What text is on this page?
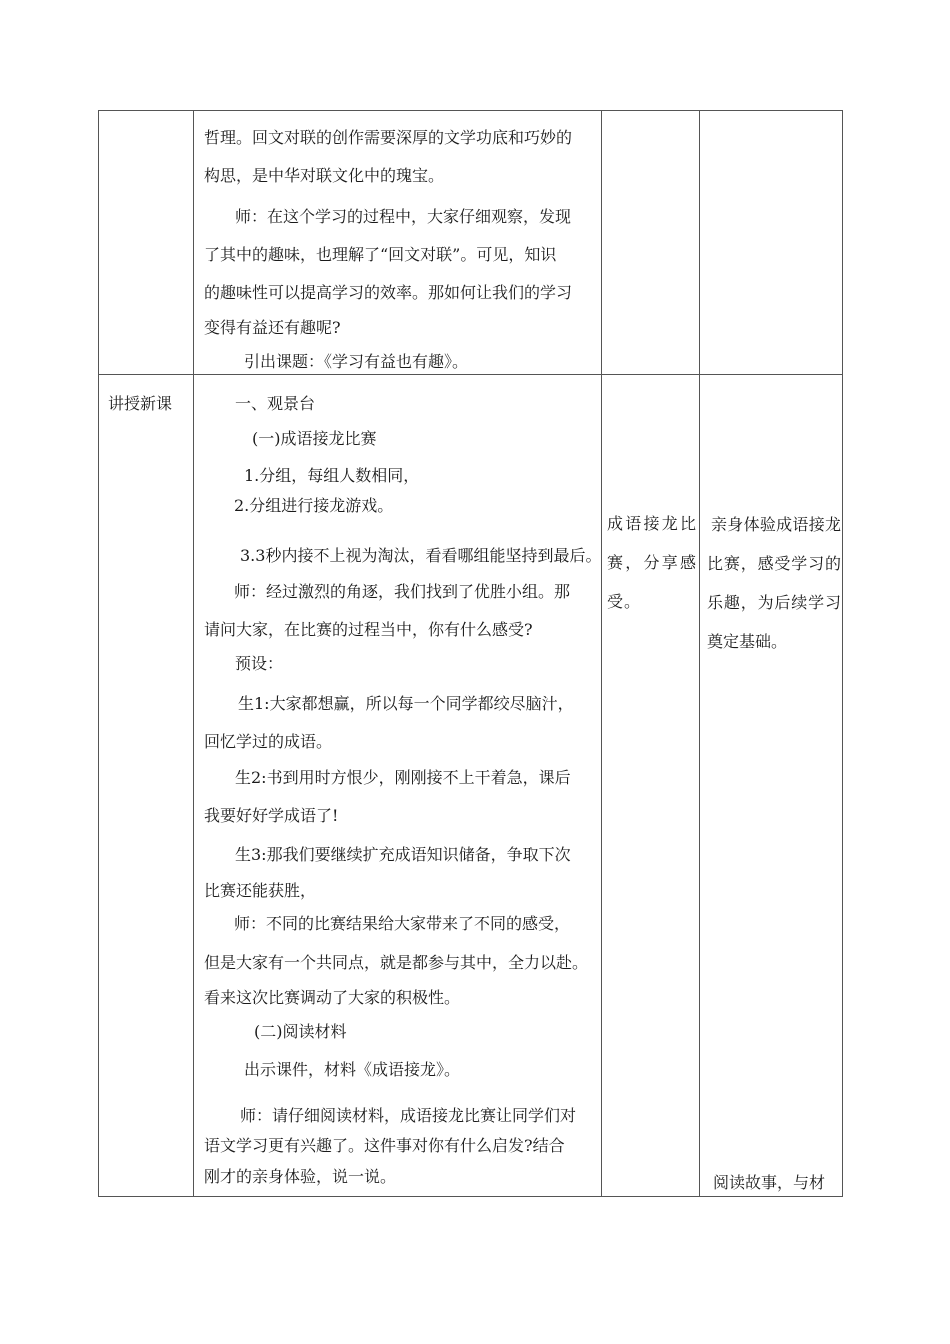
哲理。回文对联的创作需要深厚的文学功底和巧妙的
构思，是中华对联文化中的瑰宝。
师：在这个学习的过程中，大家仔细观察，发现
了其中的趣味，也理解了“回文对联”。可见，知识
的趣味性可以提高学习的效率。那如何让我们的学习
变得有益还有趣呢?
引出课题：《学习有益也有趣》。
讲授新课	一、观景台
(一)成语接龙比赛
1.分组，每组人数相同，
2.分组进行接龙游戏。
3.3秒内接不上视为淘汰，看看哪组能坚持到最后。
师：经过激烈的角逐，我们找到了优胜小组。那
请问大家，在比赛的过程当中，你有什么感受?
预设：
生1:大家都想赢，所以每一个同学都绞尽脑汁，
回忆学过的成语。
生2:书到用时方恨少，刚刚接不上干着急，课后
我要好好学成语了!
生3:那我们要继续扩充成语知识储备，争取下次
比赛还能获胜，
师：不同的比赛结果给大家带来了不同的感受，
但是大家有一个共同点，就是都参与其中，全力以赴。
看来这次比赛调动了大家的积极性。
(二)阅读材料
出示课件，材料《成语接龙》。
师：请仔细阅读材料，成语接龙比赛让同学们对
语文学习更有兴趣了。这件事对你有什么启发?结合
刚才的亲身体验，说一说。
成语接龙比赛，分享感受。
亲身体验成语接龙比赛，感受学习的乐趣，为后续学习奠定基础。
阅读故事，与材
